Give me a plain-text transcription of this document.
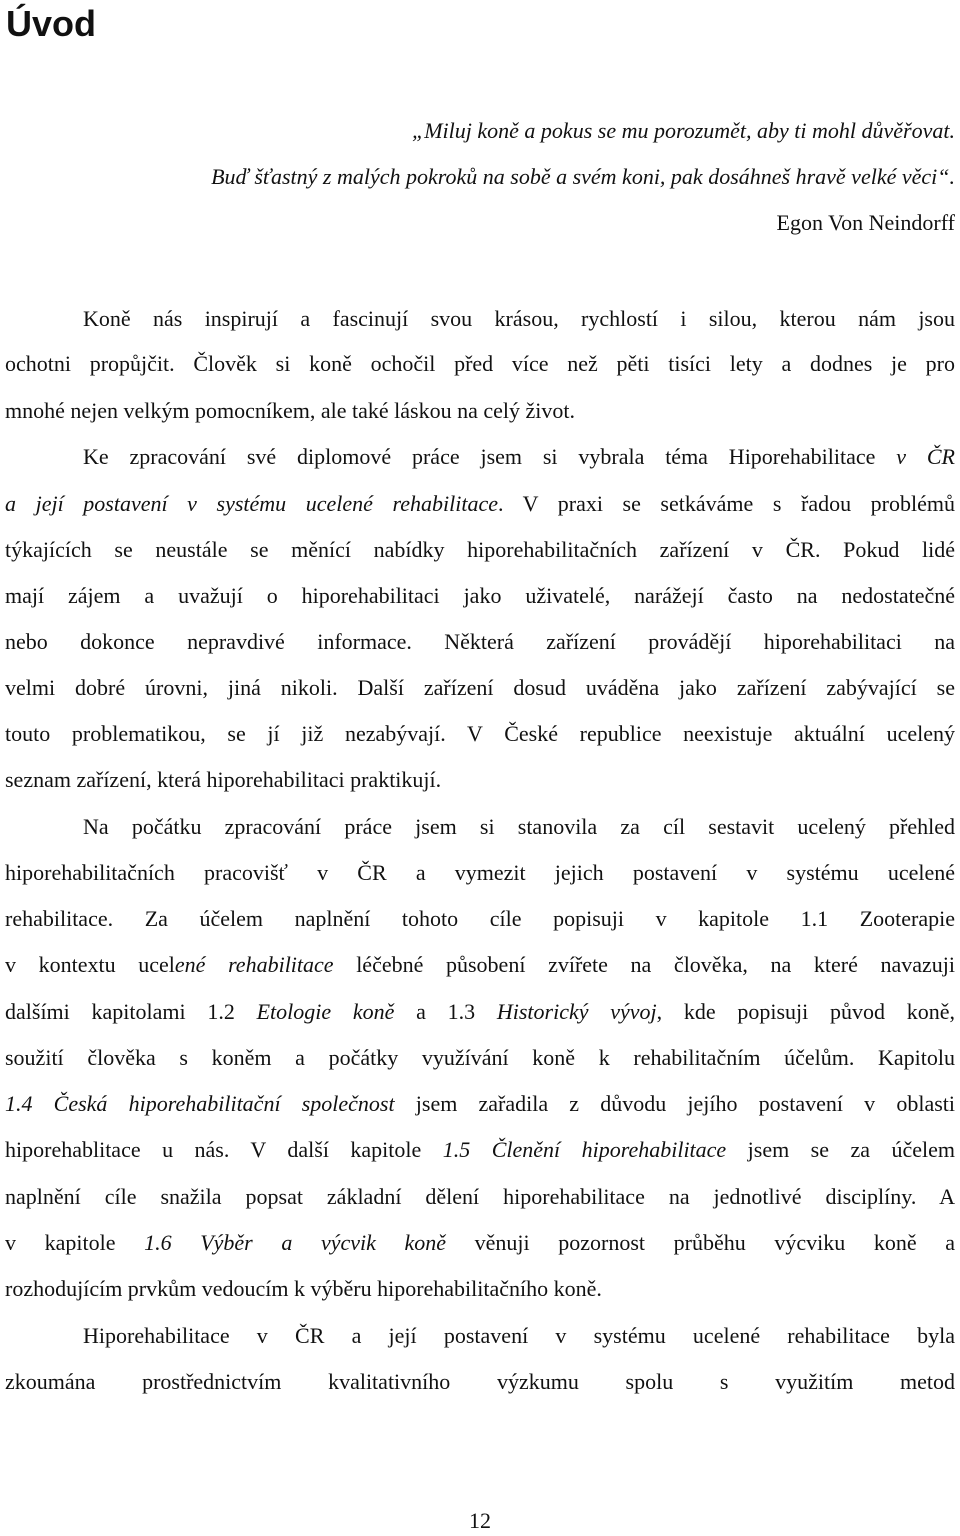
Úvod
„Miluj koně a pokus se mu porozumět, aby ti mohl důvěřovat.
Buď šťastný z malých pokroků na sobě a svém koni, pak dosáhneš hravě velké věci“.
Egon Von Neindorff
Koně nás inspirují a fascinují svou krásou, rychlostí i silou, kterou nám jsou
ochotni propůjčit. Člověk si koně ochočil před více než pěti tisíci lety a dodnes je pro
mnohé nejen velkým pomocníkem, ale také láskou na celý život.
Ke zpracování své diplomové práce jsem si vybrala téma Hiporehabilitace v ČR
a její postavení v systému ucelené rehabilitace. V praxi se setkáváme s řadou problémů
týkajících se neustále se měnící nabídky hiporehabilitačních zařízení v ČR. Pokud lidé
mají zájem a uvažují o hiporehabilitaci jako uživatelé, narážejí často na nedostatečné
nebo dokonce nepravdivé informace. Některá zařízení provádějí hiporehabilitaci na
velmi dobré úrovni, jiná nikoli. Další zařízení dosud uváděna jako zařízení zabývající se
touto problematikou, se jí již nezabývají. V České republice neexistuje aktuální ucelený
seznam zařízení, která hiporehabilitaci praktikují.
Na počátku zpracování práce jsem si stanovila za cíl sestavit ucelený přehled
hiporehabilitačních pracovišť v ČR a vymezit jejich postavení v systému ucelené
rehabilitace. Za účelem naplnění tohoto cíle popisuji v kapitole 1.1 Zooterapie
v kontextu ucelené rehabilitace léčebné působení zvířete na člověka, na které navazuji
dalšími kapitolami 1.2 Etologie koně a 1.3 Historický vývoj, kde popisuji původ koně,
soužití člověka s koněm a počátky využívání koně k rehabilitačním účelům. Kapitolu
1.4 Česká hiporehabilitační společnost jsem zařadila z důvodu jejího postavení v oblasti
hiporehablitace u nás. V další kapitole 1.5 Členění hiporehabilitace jsem se za účelem
naplnění cíle snažila popsat základní dělení hiporehabilitace na jednotlivé disciplíny. A
v kapitole 1.6 Výběr a výcvik koně věnuji pozornost průběhu výcviku koně a
rozhodujícím prvkům vedoucím k výběru hiporehabilitačního koně.
Hiporehabilitace v ČR a její postavení v systému ucelené rehabilitace byla
zkoumána prostřednictvím kvalitativního výzkumu spolu s využitím metod
12
